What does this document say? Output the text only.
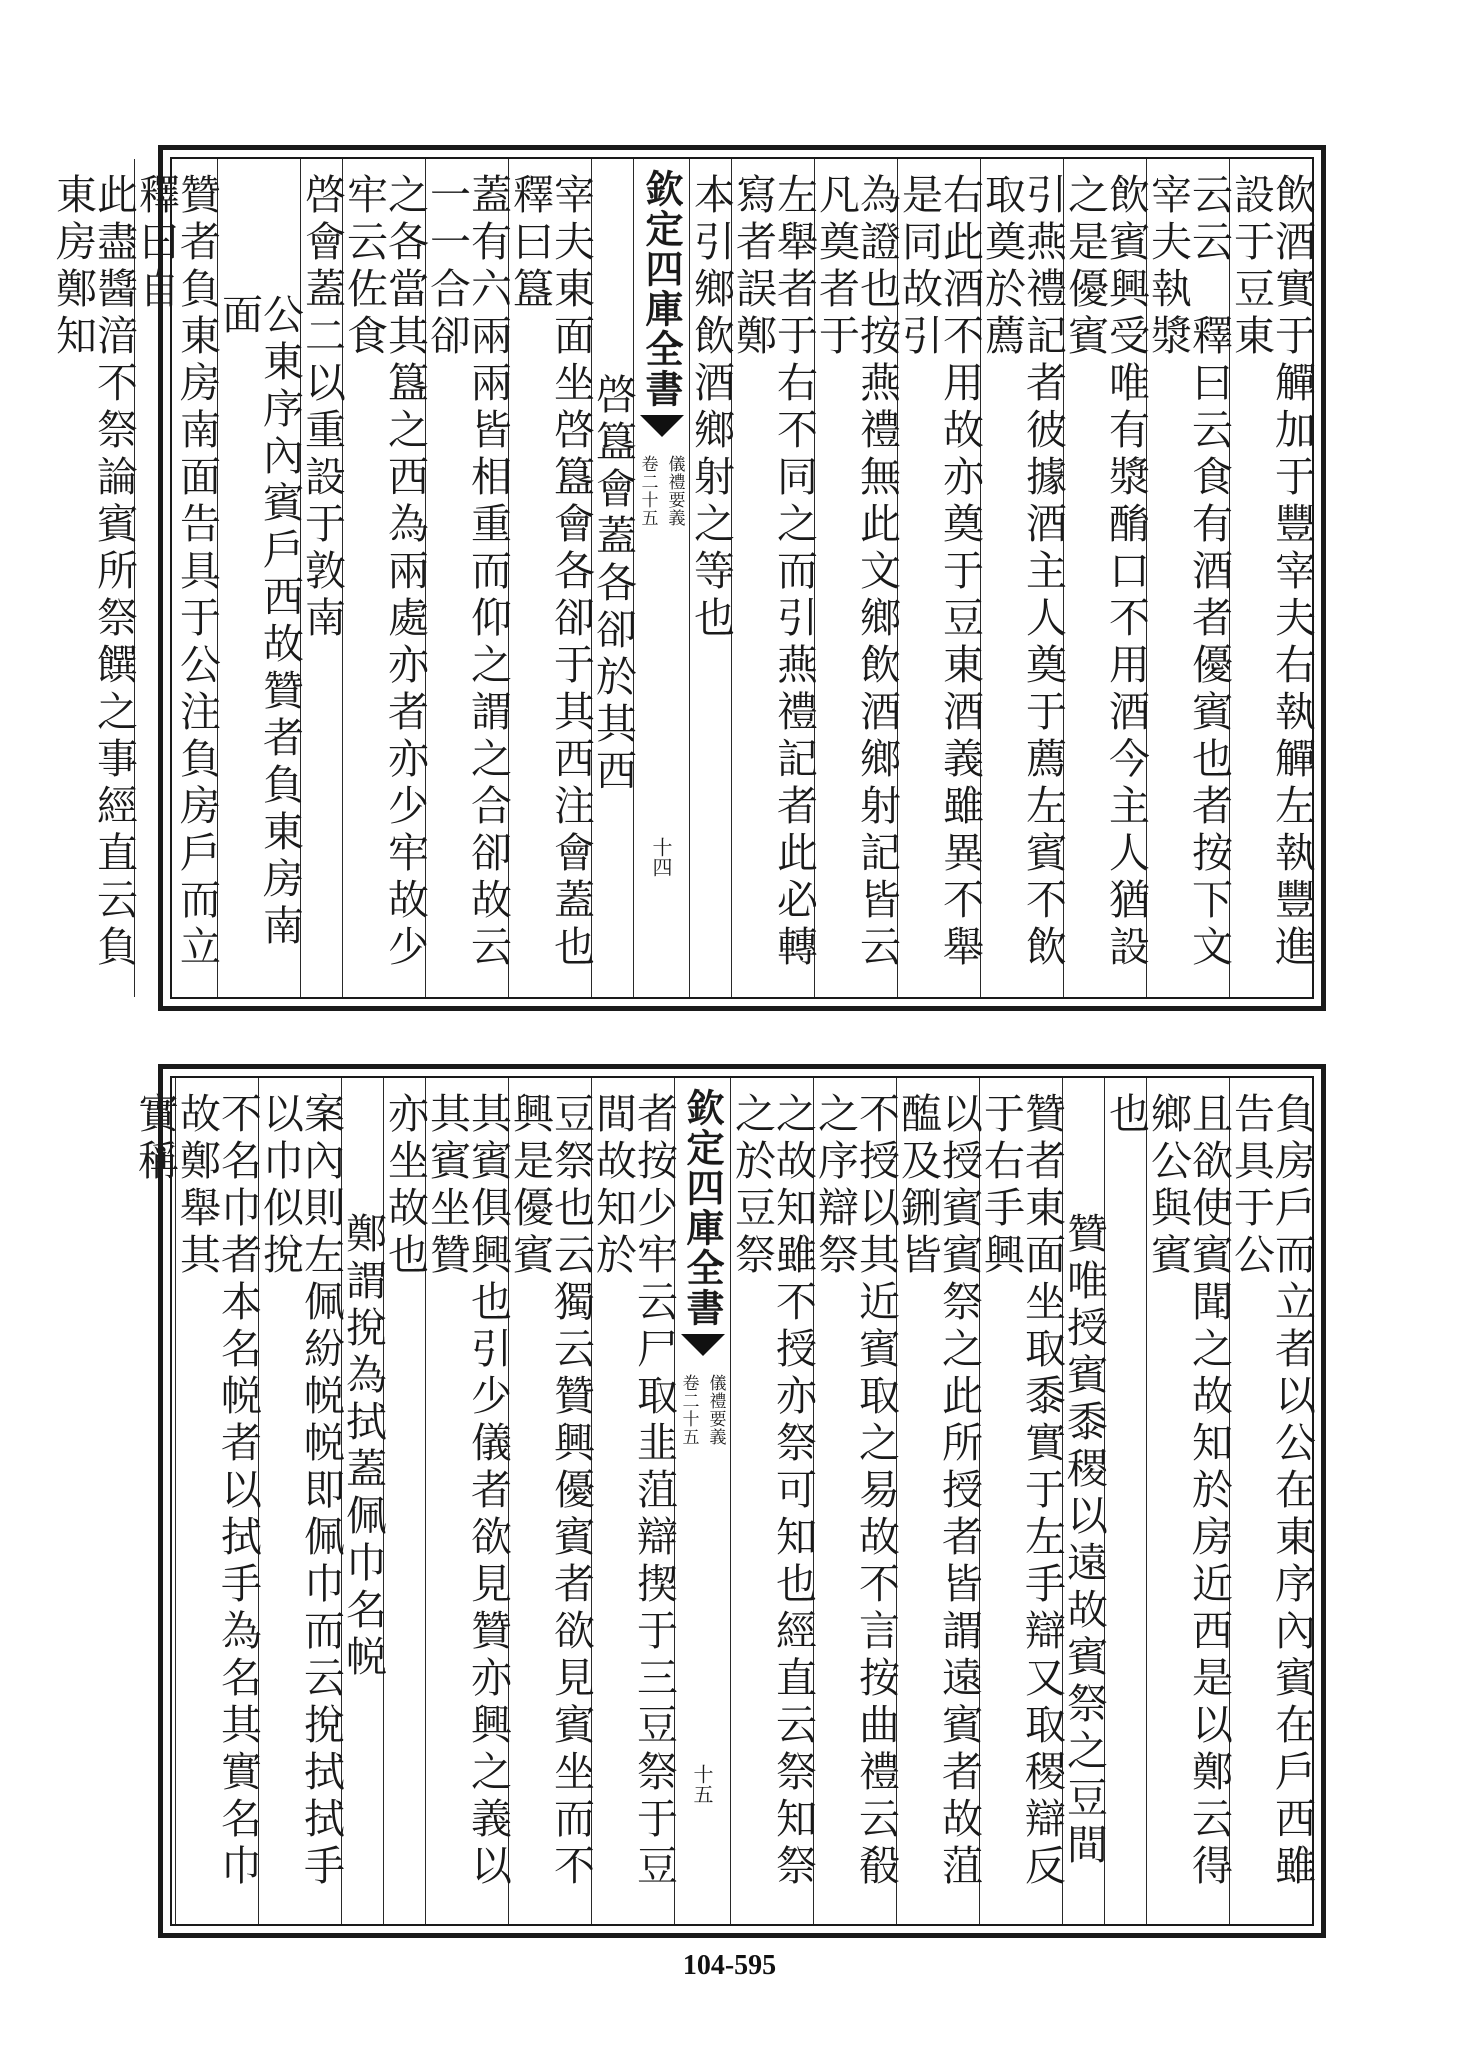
飲酒實于觶加于豐宰夫右執觶左執豐進設于豆東
云云　釋曰云食有酒者優賓也者按下文宰夫執漿
飲賓興受唯有漿酳口不用酒今主人猶設之是優賓
引燕禮記者彼據酒主人奠于薦左賓不飲取奠於薦
右此酒不用故亦奠于豆東酒義雖異不舉是同故引
為證也按燕禮無此文鄉飲酒鄉射記皆云凡奠者于
左舉者于右不同之而引燕禮記者此必轉寫者誤鄭
本引鄉飲酒鄉射之等也
欽定四庫全書
儀禮要義
卷二十五
十四
啓簋會蓋各卻於其西
宰夫東面坐啓簋會各卻于其西注會蓋也　釋曰簋
蓋有六兩兩皆相重而仰之謂之合卻故云一一合卻
之各當其簋之西為兩處亦者亦少牢故少牢云佐食
啓會蓋二以重設于敦南
公東序內賓戶西故贊者負東房南面
贊者負東房南面告具于公注負房戶而立　釋曰自
此盡醬湆不祭論賓所祭饌之事經直云負東房鄭知
負房戶而立者以公在東序內賓在戶西雖告具于公
且欲使賓聞之故知於房近西是以鄭云得鄉公與賓
也
贊唯授賓黍稷以遠故賓祭之豆間
贊者東面坐取黍實于左手辯又取稷辯反于右手興
以授賓賓祭之此所授者皆謂遠賓者故菹醢及鉶皆
不授以其近賓取之易故不言按曲禮云殽之序辯祭
之故知雖不授亦祭可知也經直云祭知祭之於豆祭
欽定四庫全書
儀禮要義
卷二十五
十五
者按少牢云尸取韭菹辯揳于三豆祭于豆間故知於
豆祭也云獨云贊興優賓者欲見賓坐而不興是優賓
其賓俱興也引少儀者欲見贊亦興之義以其賓坐贊
亦坐故也
鄭謂挩為拭蓋佩巾名帨
案內則左佩紛帨帨即佩巾而云挩拭拭手以巾似挩
不名巾者本名帨者以拭手為名其實名巾故鄭舉其
實稱
104-595
